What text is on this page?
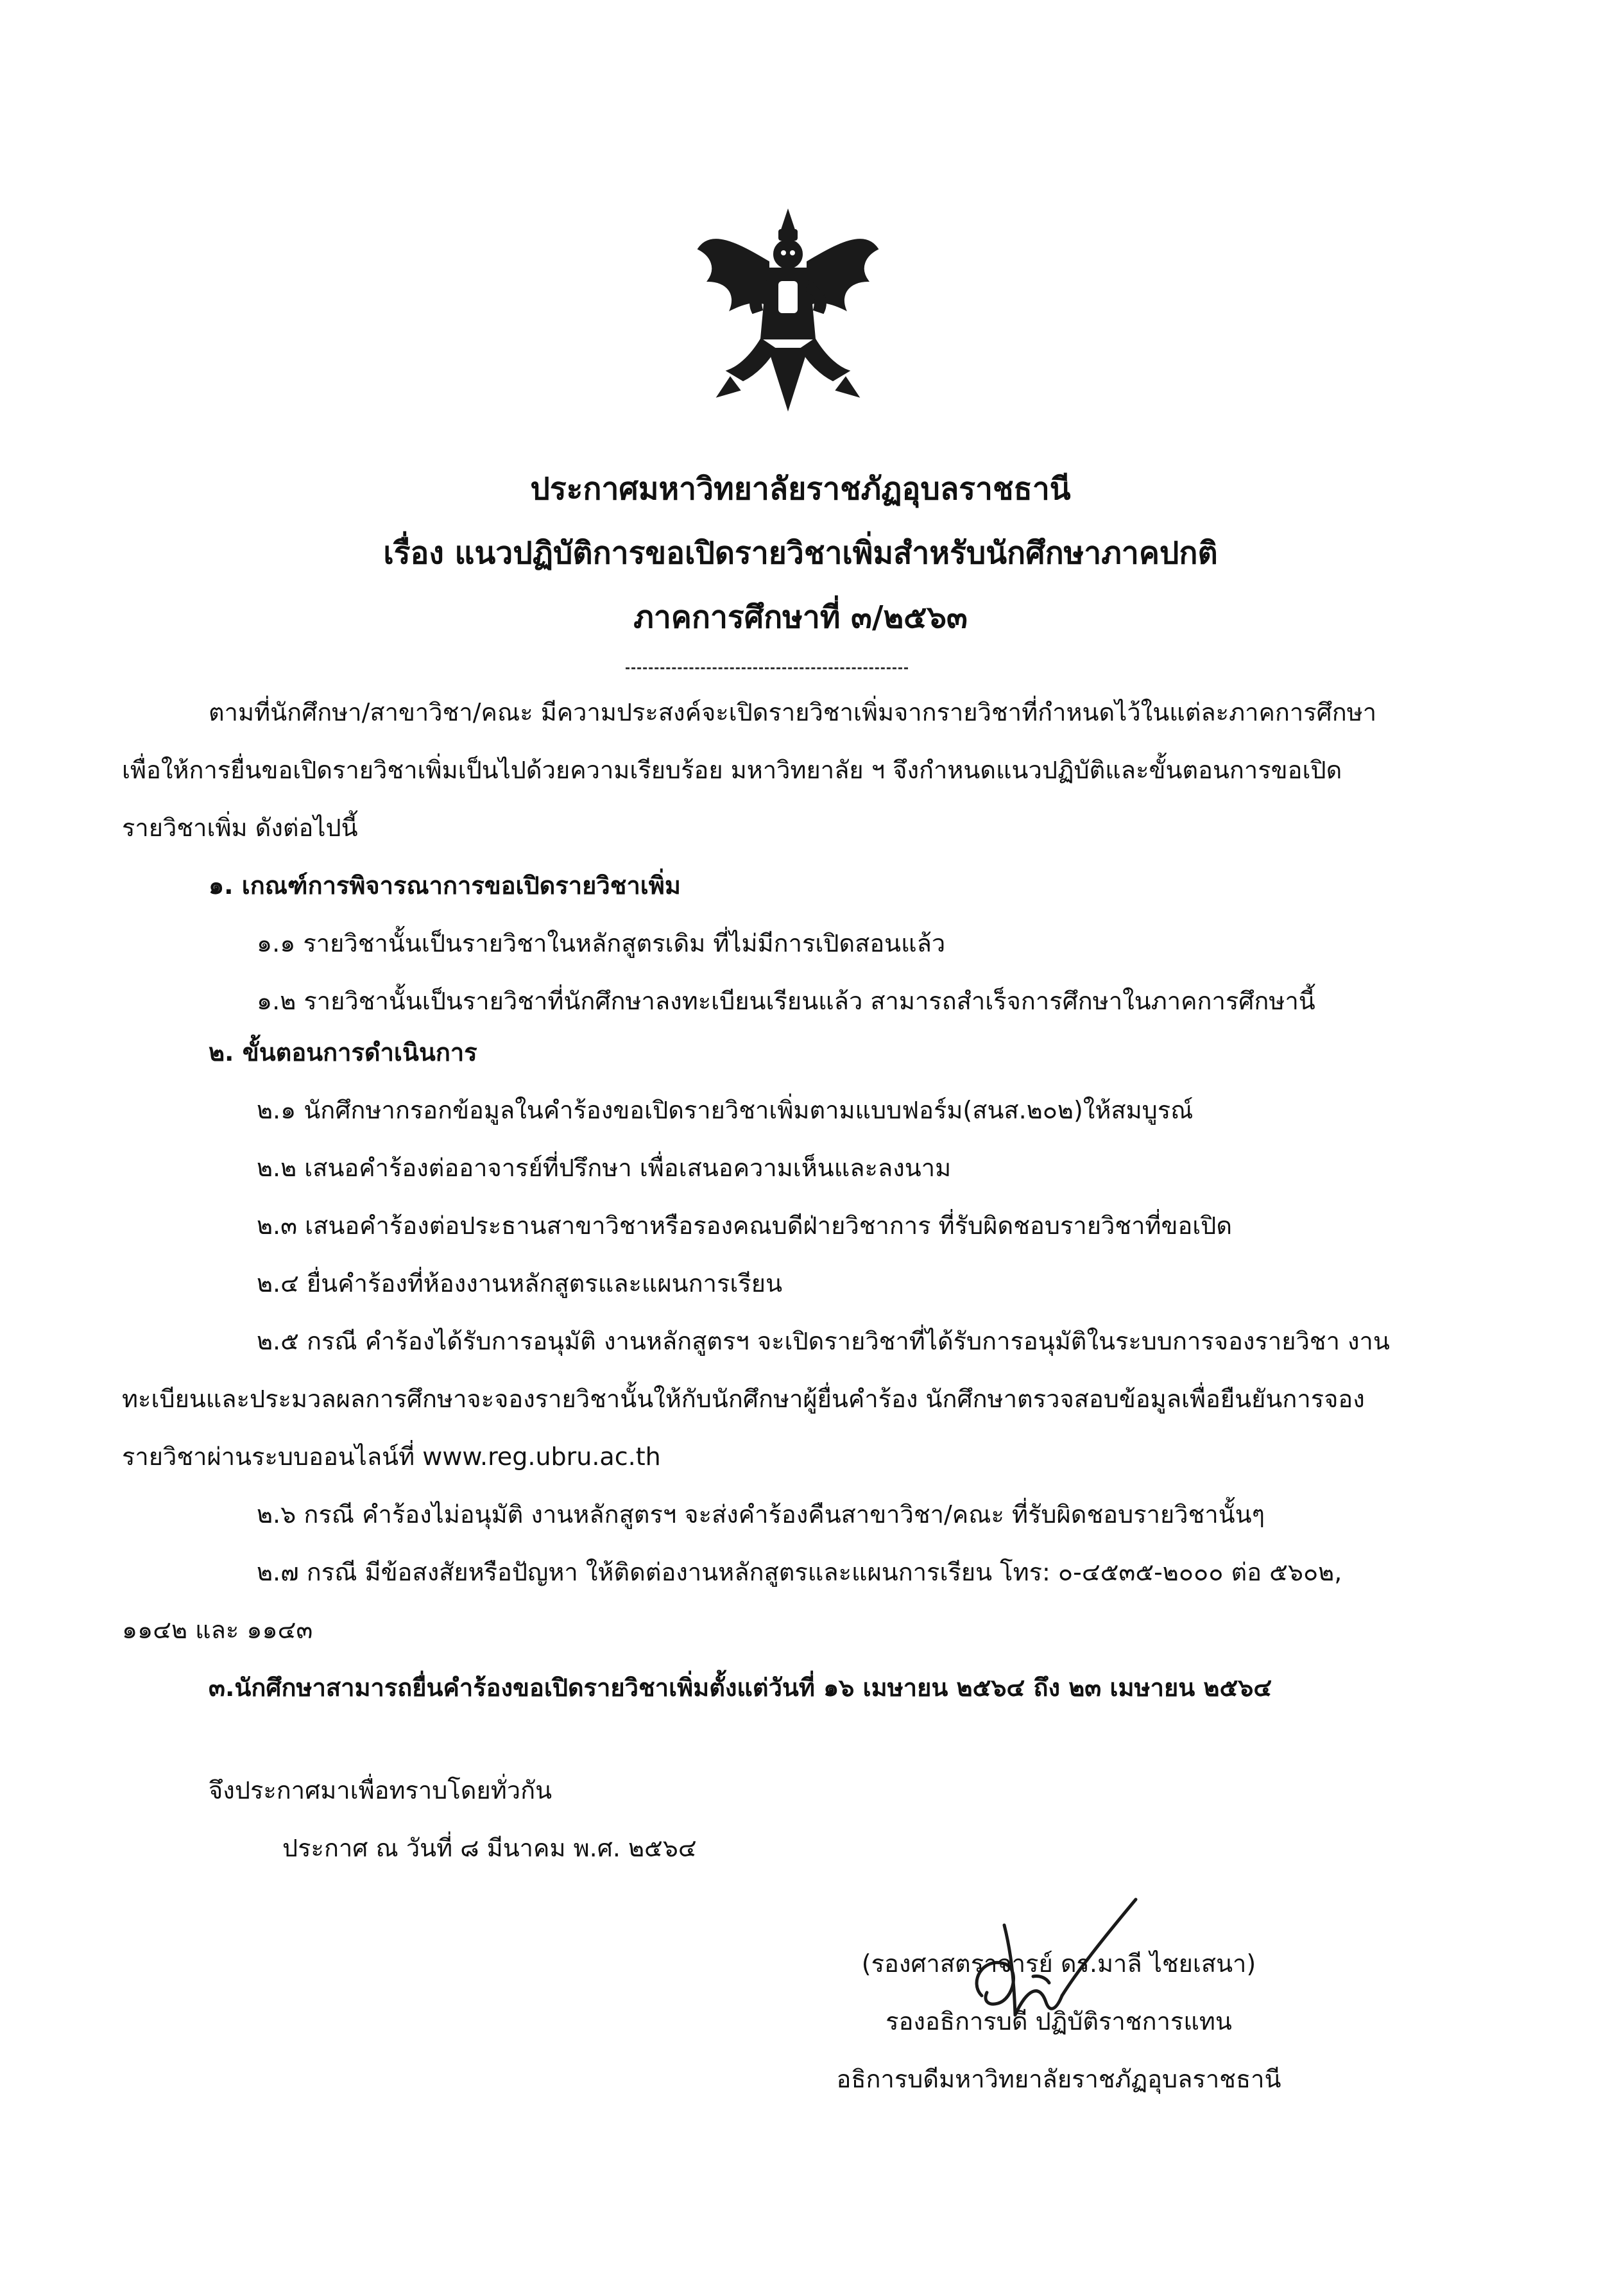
ประกาศมหาวิทยาลัยราชภัฏอุบลราชธานี
เรื่อง แนวปฏิบัติการขอเปิดรายวิชาเพิ่มสำหรับนักศึกษาภาคปกติ
ภาคการศึกษาที่ ๓/๒๕๖๓
ตามที่นักศึกษา/สาขาวิชา/คณะ มีความประสงค์จะเปิดรายวิชาเพิ่มจากรายวิชาที่กำหนดไว้ในแต่ละภาคการศึกษา
เพื่อให้การยื่นขอเปิดรายวิชาเพิ่มเป็นไปด้วยความเรียบร้อย มหาวิทยาลัย ฯ จึงกำหนดแนวปฏิบัติและขั้นตอนการขอเปิด
รายวิชาเพิ่ม ดังต่อไปนี้
๑. เกณฑ์การพิจารณาการขอเปิดรายวิชาเพิ่ม
๑.๑ รายวิชานั้นเป็นรายวิชาในหลักสูตรเดิม ที่ไม่มีการเปิดสอนแล้ว
๑.๒ รายวิชานั้นเป็นรายวิชาที่นักศึกษาลงทะเบียนเรียนแล้ว สามารถสำเร็จการศึกษาในภาคการศึกษานี้
๒. ขั้นตอนการดำเนินการ
๒.๑ นักศึกษากรอกข้อมูลในคำร้องขอเปิดรายวิชาเพิ่มตามแบบฟอร์ม(สนส.๒๐๒)ให้สมบูรณ์
๒.๒ เสนอคำร้องต่ออาจารย์ที่ปรึกษา เพื่อเสนอความเห็นและลงนาม
๒.๓ เสนอคำร้องต่อประธานสาขาวิชาหรือรองคณบดีฝ่ายวิชาการ ที่รับผิดชอบรายวิชาที่ขอเปิด
๒.๔ ยื่นคำร้องที่ห้องงานหลักสูตรและแผนการเรียน
๒.๕ กรณี คำร้องได้รับการอนุมัติ งานหลักสูตรฯ จะเปิดรายวิชาที่ได้รับการอนุมัติในระบบการจองรายวิชา งาน
ทะเบียนและประมวลผลการศึกษาจะจองรายวิชานั้นให้กับนักศึกษาผู้ยื่นคำร้อง นักศึกษาตรวจสอบข้อมูลเพื่อยืนยันการจอง
รายวิชาผ่านระบบออนไลน์ที่ www.reg.ubru.ac.th
๒.๖ กรณี คำร้องไม่อนุมัติ งานหลักสูตรฯ จะส่งคำร้องคืนสาขาวิชา/คณะ ที่รับผิดชอบรายวิชานั้นๆ
๒.๗ กรณี มีข้อสงสัยหรือปัญหา ให้ติดต่องานหลักสูตรและแผนการเรียน โทร: ๐-๔๕๓๕-๒๐๐๐ ต่อ ๕๖๐๒,
๑๑๔๒ และ ๑๑๔๓
๓.นักศึกษาสามารถยื่นคำร้องขอเปิดรายวิชาเพิ่มตั้งแต่วันที่ ๑๖ เมษายน ๒๕๖๔ ถึง ๒๓ เมษายน ๒๕๖๔
จึงประกาศมาเพื่อทราบโดยทั่วกัน
ประกาศ ณ วันที่ ๘ มีนาคม พ.ศ. ๒๕๖๔
(รองศาสตราจารย์ ดร.มาลี ไชยเสนา)
รองอธิการบดี ปฏิบัติราชการแทน
อธิการบดีมหาวิทยาลัยราชภัฏอุบลราชธานี
